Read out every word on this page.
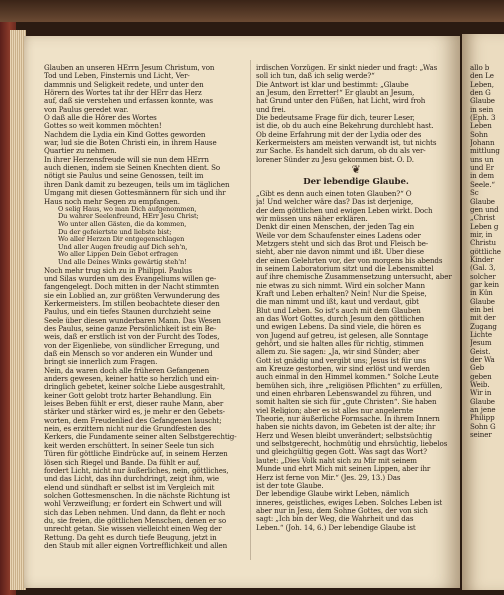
Glauben an unseren HErrn Jesum Christum, von
Tod und Leben, Finsternis und Licht, Ver-
dammnis und Seligkeit redete, und unter den
Hörern des Wortes tat ihr der HErr das Herz
auf, daß sie verstehen und erfassen konnte, was
von Paulus geredet war.
O daß alle die Hörer des Wortes
Gottes so weit kommen möchten!
Nachdem die Lydia ein Kind Gottes geworden
war, lud sie die Boten Christi ein, in ihrem Hause
Quartier zu nehmen.
In ihrer Herzensfreude will sie nun dem HErrn
auch dienen, indem sie Seinen Knechten dient. So
nötigt sie Paulus und seine Genossen, teilt im
ihren Dank damit zu bezeugen, teils um im täglichen
Umgang mit diesen Gottesmännern für sich und ihr
Haus noch mehr Segen zu empfangen.
O selig Haus, wo man Dich aufgenommen,
Du wahrer Seelenfreund, HErr Jesu Christ;
Wo unter allen Gästen, die da kommen,
Du der gefeiertste und liebste bist;
Wo aller Herzen Dir entgegenschlagen
Und aller Augen freudig auf Dich seh'n,
Wo aller Lippen Dein Gebot erfragen
Und alle Deines Winks gewärtig steh'n!
Noch mehr trug sich zu in Philippi. Paulus
und Silas wurden um des Evangeliums willen ge-
fangengelegt. Doch mitten in der Nacht stimmten
sie ein Loblied an, zur größten Verwunderung des
Kerkermeisters. Im stillen beobachtete dieser den
Paulus, und ein tiefes Staunen durchzieht seine
Seele über diesen wunderbaren Mann. Das Wesen
des Paulus, seine ganze Persönlichkeit ist ein Be-
weis, daß er erstlich ist von der Furcht des Todes,
von der Eigenliebe, von sündlicher Erregung, und
daß ein Mensch so vor anderen ein Wunder und
bringt sie innerlich zum Fragen.
Nein, da waren doch alle früheren Gefangenen
anders gewesen, keiner hatte so herzlich und ein-
dringlich gebetet, keiner solche Liebe ausgestrahlt,
keiner Gott gelobt trotz harter Behandlung. Ein
leises Beben fühlt er erst, dieser rauhe Mann, aber
stärker und stärker wird es, je mehr er den Gebets-
worten, dem Freudenlied des Gefangenen lauscht;
nein, es erzittern nicht nur die Grundfesten des
Kerkers, die Fundamente seiner alten Selbstgerechtig-
keit werden erschüttert. In seiner Seele tun sich
Türen für göttliche Eindrücke auf, in seinem Herzen
lösen sich Riegel und Bande. Da fühlt er auf,
fordert Licht, nicht nur äußerliches, nein, göttliches,
und das Licht, das ihn durchdringt, zeigt ihm, wie
elend und sündhaft er selbst ist im Vergleich mit
solchen Gottesmenschen. In die nächste Richtung ist
wohl Verzweiflung; er fordert ein Schwert und will
sich das Leben nehmen. Und dann, da fleht er noch
du, sie freien, die göttlichen Menschen, denen er so
unrecht getan. Sie wissen vielleicht einen Weg der
Rettung. Da geht es durch tiefe Beugung, jetzt in
den Staub mit aller eignen Vortrefflichkeit und allen
irdischen Vorzügen. Er sinkt nieder und fragt: „Was
soll ich tun, daß ich selig werde?“
Die Antwort ist klar und bestimmt: „Glaube
an Jesum, den Erretter!“ Er glaubt an Jesum,
hat Grund unter den Füßen, hat Licht, wird froh
und frei.
Die bedeutsame Frage für dich, teurer Leser,
ist die, ob du auch eine Bekehrung durchlebt hast.
Ob deine Erfahrung mit der der Lydia oder des
Kerkermeisters am meisten verwandt ist, tut nichts
zur Sache. Es handelt sich darum, ob du als ver-
lorener Sünder zu Jesu gekommen bist. O. D.
❦
Der lebendige Glaube.
„Gibt es denn auch einen toten Glauben?“ O
ja! Und welcher wäre das? Das ist derjenige,
der dem göttlichen und ewigen Leben wirkt. Doch
wir müssen uns näher erklären.
Denkt dir einen Menschen, der jeden Tag ein
Weile vor dem Schaufenster eines Ladens oder
Metzgers steht und sich das Brot und Fleisch be-
sieht, aber nie davon nimmt und ißt. Über diese
der einen Gelehrten vor, der von morgens bis abends
in seinem Laboratorium sitzt und die Lebensmittel
auf ihre chemische Zusammensetzung untersucht, aber
nie etwas zu sich nimmt. Wird ein solcher Mann
Kraft und Leben erhalten? Nein! Nur die Speise,
die man nimmt und ißt, kaut und verdaut, gibt
Blut und Leben. So ist's auch mit dem Glauben
an das Wort Gottes, durch Jesum den göttlichen
und ewigen Lebens. Da sind viele, die hören es
von Jugend auf getreu, ist gelesen, alle Sonntage
gehört, und sie halten alles für richtig, stimmen
allem zu. Sie sagen: „Ja, wir sind Sünder; aber
Gott ist gnädig und vergibt uns; Jesus ist für uns
am Kreuze gestorben, wir sind erlöst und werden
auch einmal in den Himmel kommen.“ Solche Leute
bemühen sich, ihre „religiösen Pflichten“ zu erfüllen,
und einen ehrbaren Lebenswandel zu führen, und
somit halten sie sich für „gute Christen“. Sie haben
viel Religion; aber es ist alles nur angelernte
Theorie, nur äußerliche Formsache. In ihrem Innern
haben sie nichts davon, im Gebeten ist der alte; ihr
Herz und Wesen bleibt unverändert; selbstsüchtig
und selbstgerecht, hochmütig und ehrsüchtig, liebelos
und gleichgültig gegen Gott. Was sagt das Wort?
lautet: „Dies Volk naht sich zu Mir mit seinem
Munde und ehrt Mich mit seinen Lippen, aber ihr
Herz ist ferne von Mir.“ (Jes. 29, 13.) Das
ist der tote Glaube.
Der lebendige Glaube wirkt Leben, nämlich
inneres, geistliches, ewiges Leben. Solches Leben ist
aber nur in Jesu, dem Sohne Gottes, der von sich
sagt: „Ich bin der Weg, die Wahrheit und das
Leben.“ (Joh. 14, 6.) Der lebendige Glaube ist
allo b
den Le
Leben,
den G
Glaube
in sein
(Eph. 3
Leben
Sohn
Johann
mittlung
uns un
und Er
in dem
Seele.“
Sc
Glaube
gen und
„Christ
Leben g
mir, in
Christu
göttliche
Kinder
(Gal. 3,
solcher
gar kein
in Kün
Glaube
ein bei
mit der
Zugang
Lichte
Jesum
Geist.
der Wa
Geb
geben
Weib.
Wir in
Glaube
an jene
Philipp
Sohn G
seiner
